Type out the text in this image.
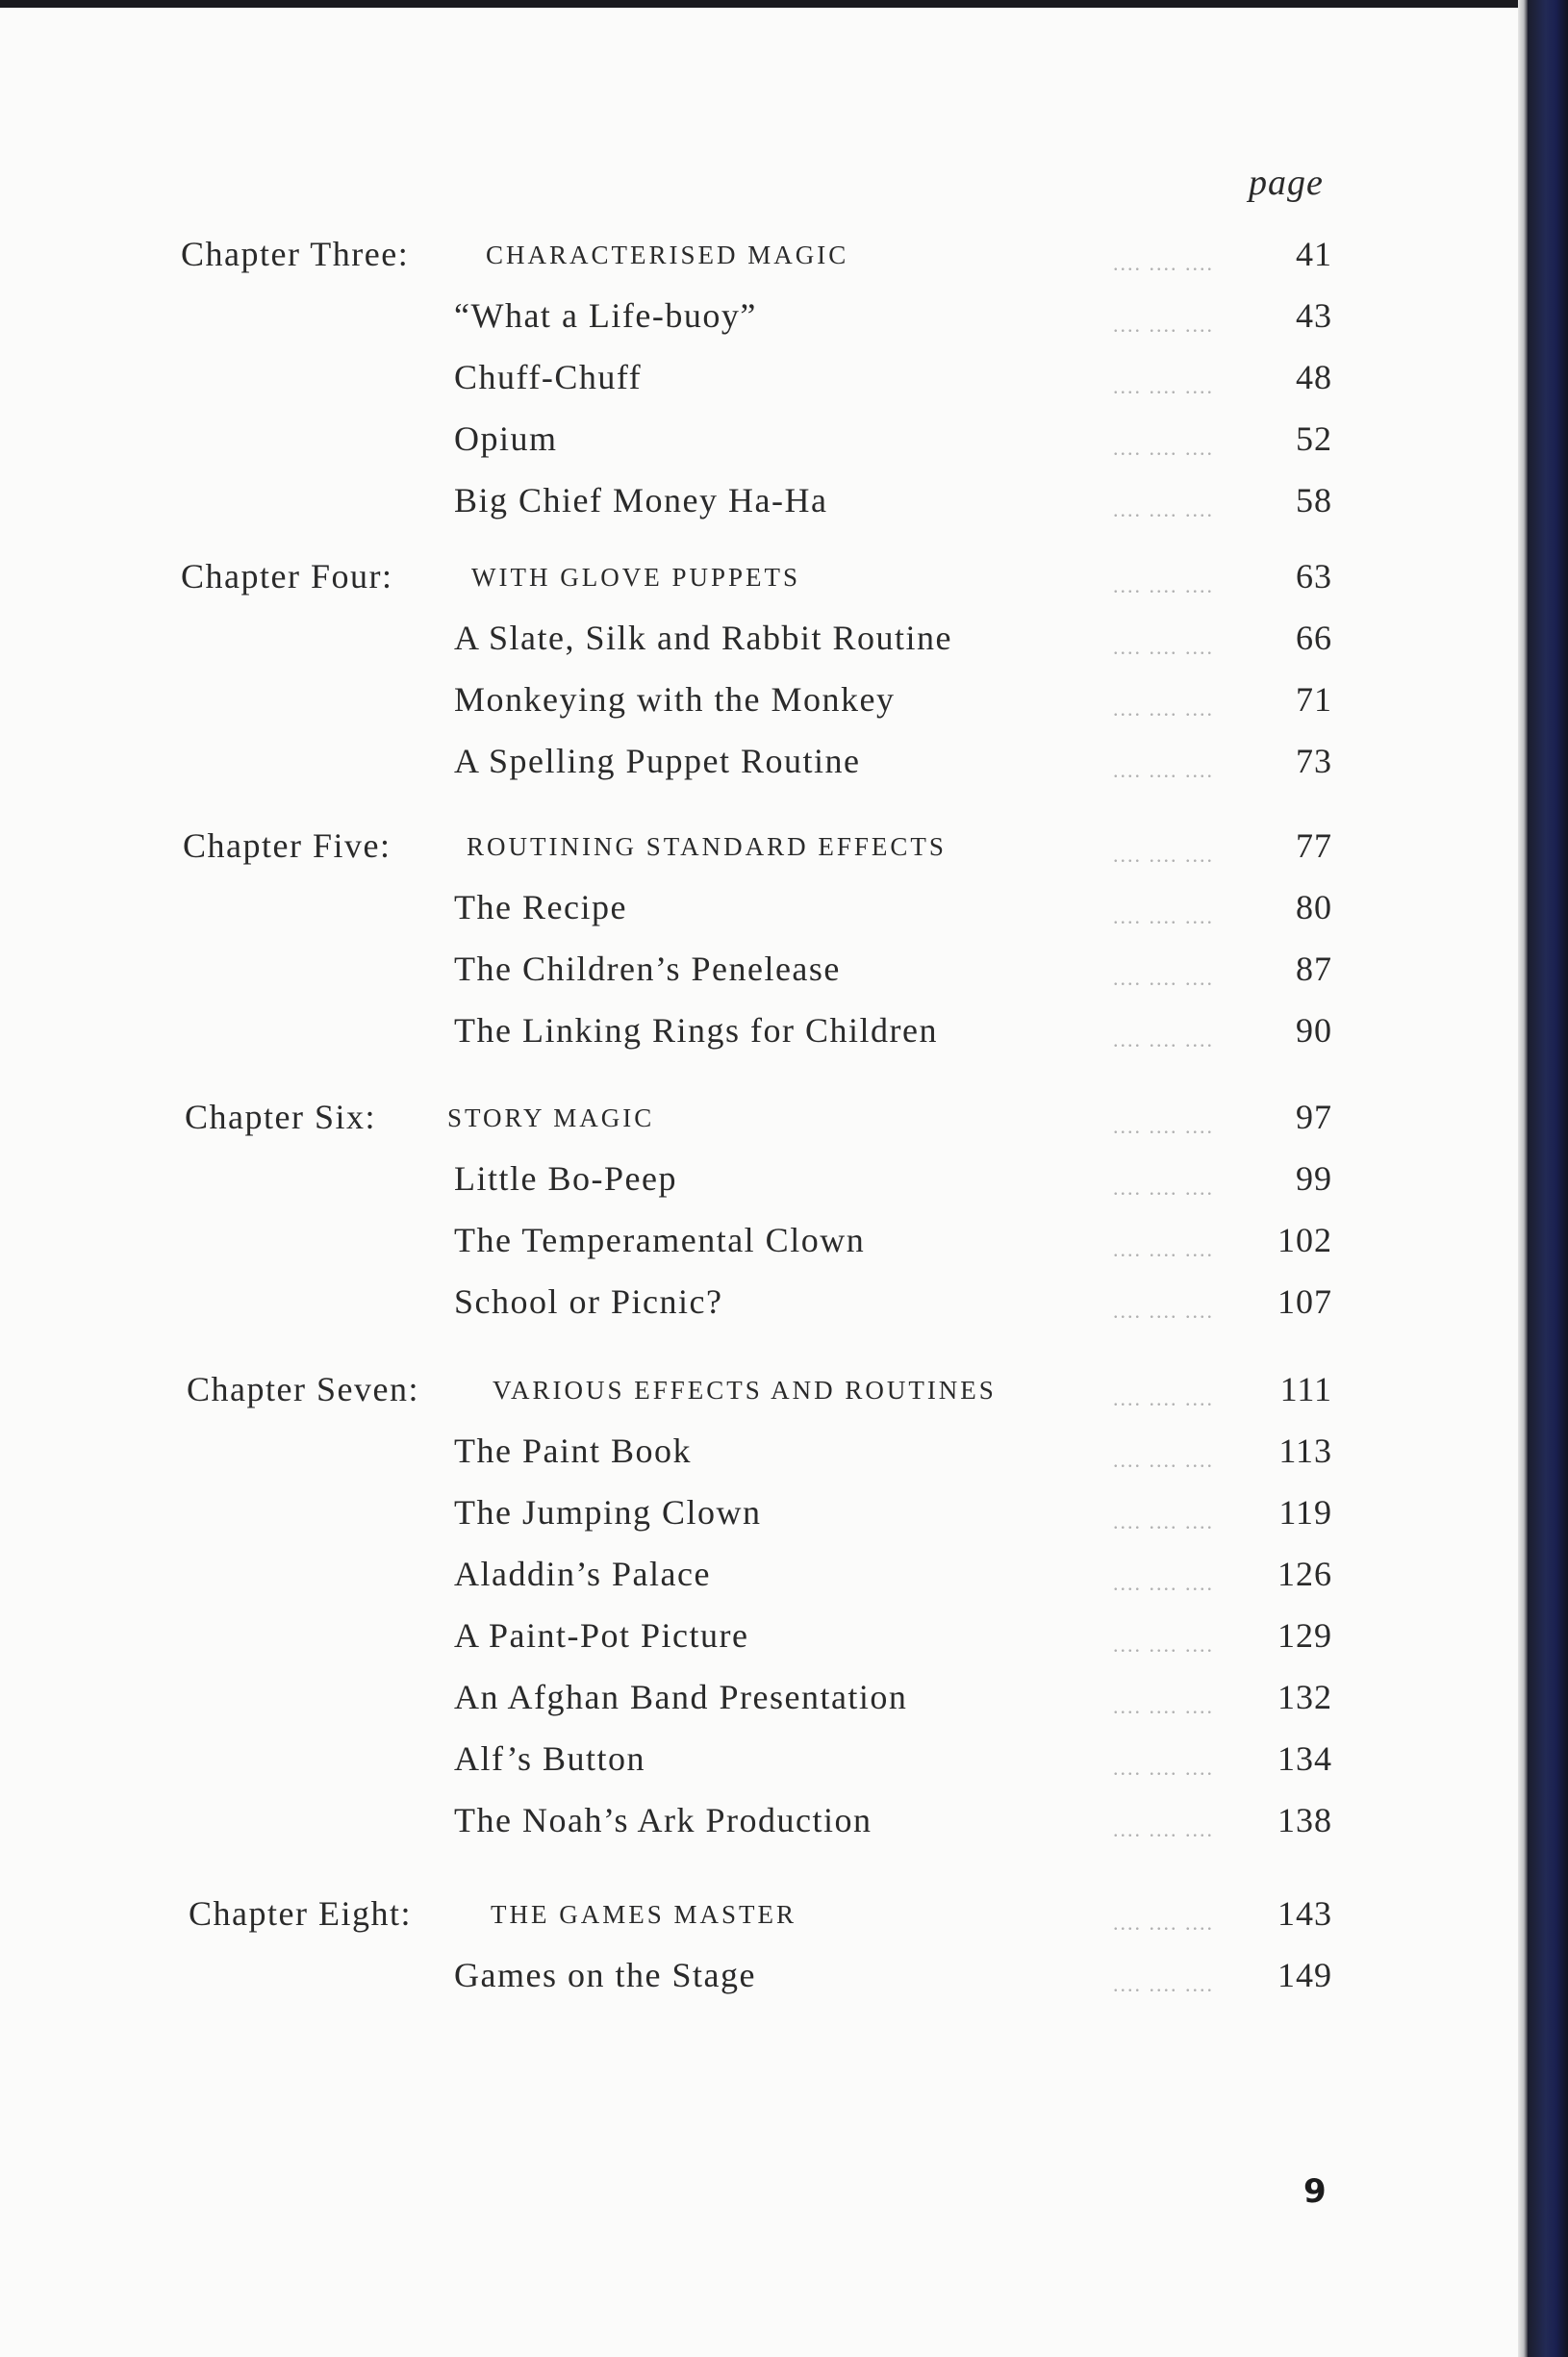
page
Chapter Three:	CHARACTERISED MAGIC	.... .... ....	41
“What a Life-buoy”	.... .... ....	43
Chuff-Chuff	.... .... ....	48
Opium	.... .... ....	52
Big Chief Money Ha-Ha	.... .... ....	58
Chapter Four:	WITH GLOVE PUPPETS	.... .... ....	63
A Slate, Silk and Rabbit Routine	.... .... ....	66
Monkeying with the Monkey	.... .... ....	71
A Spelling Puppet Routine	.... .... ....	73
Chapter Five:	ROUTINING STANDARD EFFECTS	.... .... ....	77
The Recipe	.... .... ....	80
The Children’s Penelease	.... .... ....	87
The Linking Rings for Children	.... .... ....	90
Chapter Six:	STORY MAGIC	.... .... ....	97
Little Bo-Peep	.... .... ....	99
The Temperamental Clown	.... .... ....	102
School or Picnic?	.... .... ....	107
Chapter Seven:	VARIOUS EFFECTS AND ROUTINES	.... .... ....	111
The Paint Book	.... .... ....	113
The Jumping Clown	.... .... ....	119
Aladdin’s Palace	.... .... ....	126
A Paint-Pot Picture	.... .... ....	129
An Afghan Band Presentation	.... .... ....	132
Alf’s Button	.... .... ....	134
The Noah’s Ark Production	.... .... ....	138
Chapter Eight:	THE GAMES MASTER	.... .... ....	143
Games on the Stage	.... .... ....	149
9
